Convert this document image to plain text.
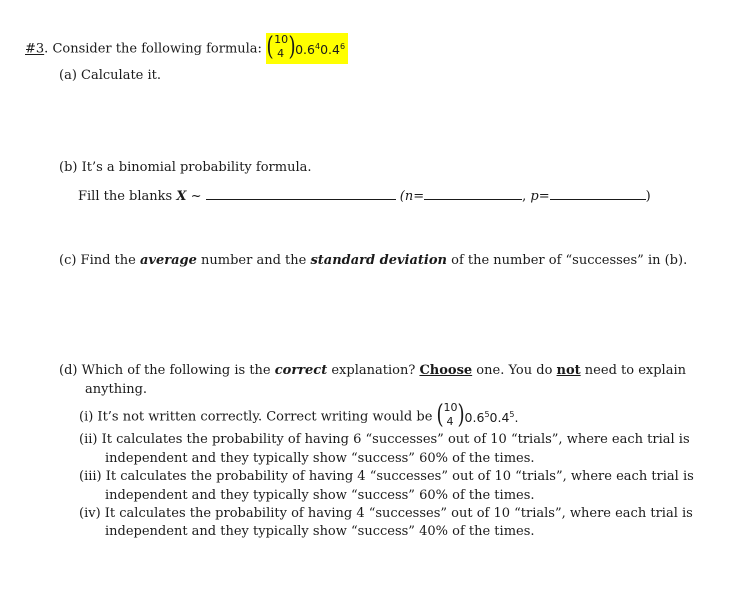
#3. Consider the following formula: ( 10
4 ) $0.6^40.4^6$
(a) Calculate it.
(b) It’s a binomial probability formula.
Fill the blanks X ~	(n=	, p=	)
(c) Find the average number and the standard deviation of the number of “successes” in (b).
(d) Which of the following is the correct explanation? Choose one. You do not need to explain
anything.
(i) It’s not written correctly. Correct writing would be ( 10
4 ) $0.6^50.4^5$.
(ii) It calculates the probability of having 6 “successes” out of 10 “trials”, where each trial is
independent and they typically show “success” 60% of the times.
(iii) It calculates the probability of having 4 “successes” out of 10 “trials”, where each trial is
independent and they typically show “success” 60% of the times.
(iv) It calculates the probability of having 4 “successes” out of 10 “trials”, where each trial is
independent and they typically show “success” 40% of the times.
